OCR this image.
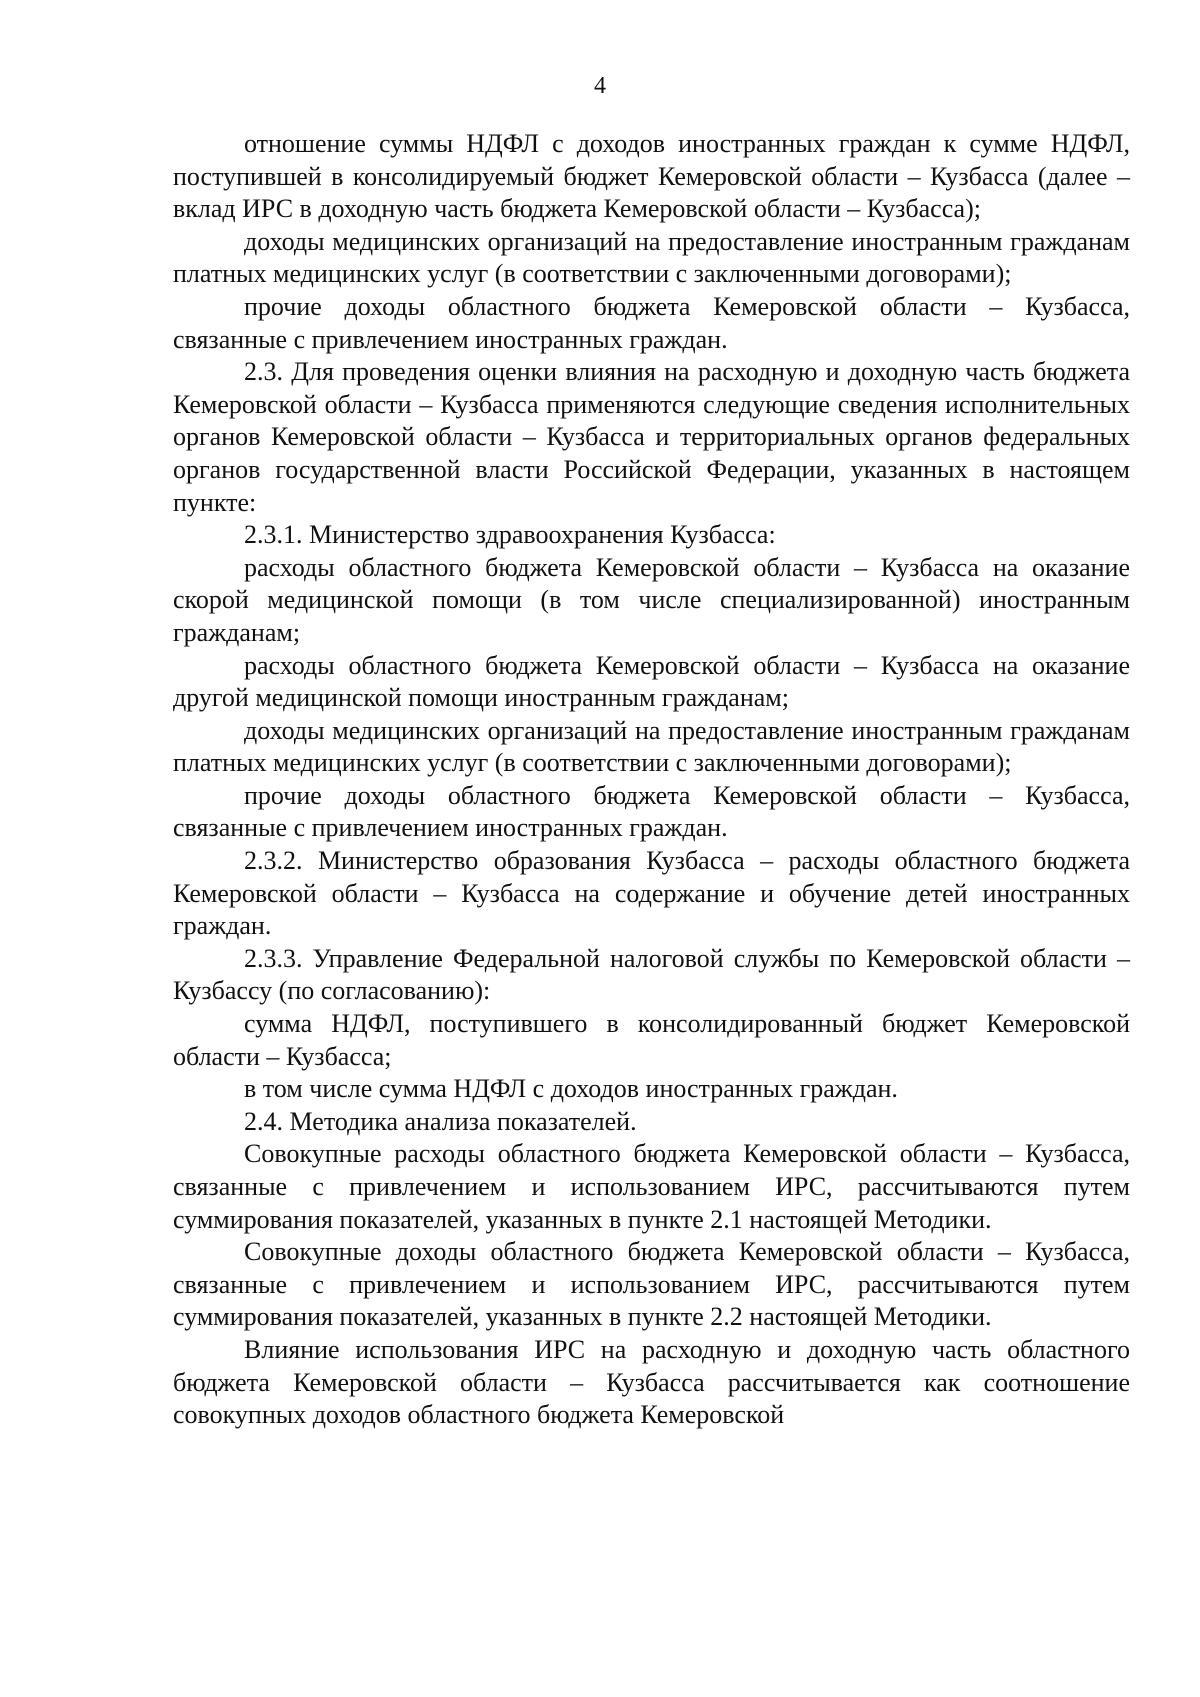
4

отношение суммы НДФЛ с доходов иностранных граждан к сумме НДФЛ, поступившей в консолидируемый бюджет Кемеровской области – Кузбасса (далее – вклад ИРС в доходную часть бюджета Кемеровской области – Кузбасса);

доходы медицинских организаций на предоставление иностранным гражданам платных медицинских услуг (в соответствии с заключенными договорами);

прочие доходы областного бюджета Кемеровской области – Кузбасса, связанные с привлечением иностранных граждан.

2.3. Для проведения оценки влияния на расходную и доходную часть бюджета Кемеровской области – Кузбасса применяются следующие сведения исполнительных органов Кемеровской области – Кузбасса и территориальных органов федеральных органов государственной власти Российской Федерации, указанных в настоящем пункте:

2.3.1. Министерство здравоохранения Кузбасса:

расходы областного бюджета Кемеровской области – Кузбасса на оказание скорой медицинской помощи (в том числе специализированной) иностранным гражданам;

расходы областного бюджета Кемеровской области – Кузбасса на оказание другой медицинской помощи иностранным гражданам;

доходы медицинских организаций на предоставление иностранным гражданам платных медицинских услуг (в соответствии с заключенными договорами);

прочие доходы областного бюджета Кемеровской области – Кузбасса, связанные с привлечением иностранных граждан.

2.3.2. Министерство образования Кузбасса – расходы областного бюджета Кемеровской области – Кузбасса на содержание и обучение детей иностранных граждан.

2.3.3. Управление Федеральной налоговой службы по Кемеровской области – Кузбассу (по согласованию):

сумма НДФЛ, поступившего в консолидированный бюджет Кемеровской области – Кузбасса;

в том числе сумма НДФЛ с доходов иностранных граждан.

2.4. Методика анализа показателей.

Совокупные расходы областного бюджета Кемеровской области – Кузбасса, связанные с привлечением и использованием ИРС, рассчитываются путем суммирования показателей, указанных в пункте 2.1 настоящей Методики.

Совокупные доходы областного бюджета Кемеровской области – Кузбасса, связанные с привлечением и использованием ИРС, рассчитываются путем суммирования показателей, указанных в пункте 2.2 настоящей Методики.

Влияние использования ИРС на расходную и доходную часть областного бюджета Кемеровской области – Кузбасса рассчитывается как соотношение совокупных доходов областного бюджета Кемеровской
